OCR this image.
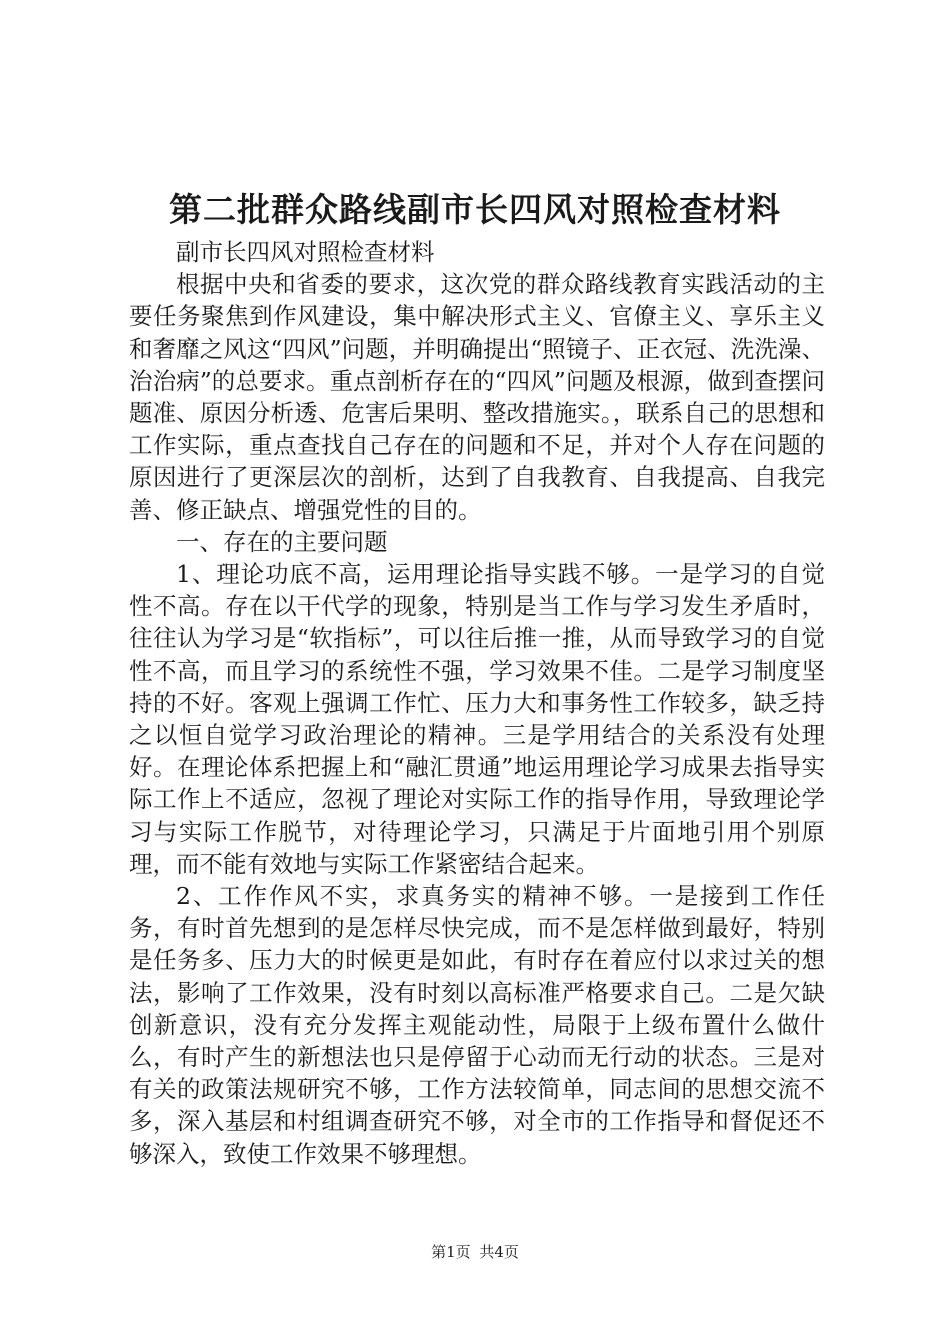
第二批群众路线副市长四风对照检查材料

副市长四风对照检查材料

根据中央和省委的要求，这次党的群众路线教育实践活动的主要任务聚焦到作风建设，集中解决形式主义、官僚主义、享乐主义和奢靡之风这“四风”问题，并明确提出“照镜子、正衣冠、洗洗澡、治治病”的总要求。重点剖析存在的“四风”问题及根源，做到查摆问题准、原因分析透、危害后果明、整改措施实。，联系自己的思想和工作实际，重点查找自己存在的问题和不足，并对个人存在问题的原因进行了更深层次的剖析，达到了自我教育、自我提高、自我完善、修正缺点、增强党性的目的。

一、存在的主要问题

1、理论功底不高，运用理论指导实践不够。一是学习的自觉性不高。存在以干代学的现象，特别是当工作与学习发生矛盾时，往往认为学习是“软指标”，可以往后推一推，从而导致学习的自觉性不高，而且学习的系统性不强，学习效果不佳。二是学习制度坚持的不好。客观上强调工作忙、压力大和事务性工作较多，缺乏持之以恒自觉学习政治理论的精神。三是学用结合的关系没有处理好。在理论体系把握上和“融汇贯通”地运用理论学习成果去指导实际工作上不适应，忽视了理论对实际工作的指导作用，导致理论学习与实际工作脱节，对待理论学习，只满足于片面地引用个别原理，而不能有效地与实际工作紧密结合起来。

2、工作作风不实，求真务实的精神不够。一是接到工作任务，有时首先想到的是怎样尽快完成，而不是怎样做到最好，特别是任务多、压力大的时候更是如此，有时存在着应付以求过关的想法，影响了工作效果，没有时刻以高标准严格要求自己。二是欠缺创新意识，没有充分发挥主观能动性，局限于上级布置什么做什么，有时产生的新想法也只是停留于心动而无行动的状态。三是对有关的政策法规研究不够，工作方法较简单，同志间的思想交流不多，深入基层和村组调查研究不够，对全市的工作指导和督促还不够深入，致使工作效果不够理想。

第1页 共4页
